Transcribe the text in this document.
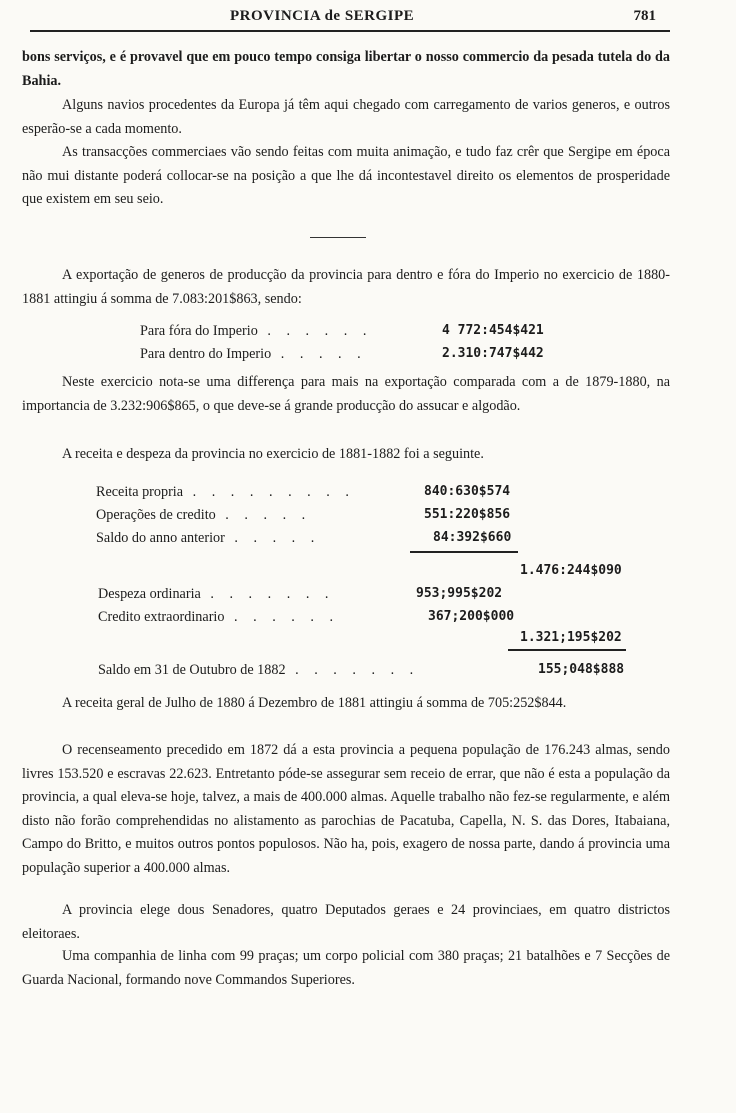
PROVINCIA de SERGIPE	781

bons serviços, e é provavel que em pouco tempo consiga libertar o nosso commercio da pesada tutela do da Bahia.

Alguns navios procedentes da Europa já têm aqui chegado com carregamento de varios generos, e outros esperão-se a cada momento.

As transacções commerciaes vão sendo feitas com muita animação, e tudo faz crêr que Sergipe em época não mui distante poderá collocar-se na posição a que lhe dá incontestavel direito os elementos de prosperidade que existem em seu seio.

A exportação de generos de producção da provincia para dentro e fóra do Imperio no exercicio de 1880-1881 attingiu á somma de 7.083:201$863, sendo:

Para fóra do Imperio . . . . . .	4 772:454$421
Para dentro do Imperio . . . . .	2.310:747$442

Neste exercicio nota-se uma differença para mais na exportação comparada com a de 1879-1880, na importancia de 3.232:906$865, o que deve-se á grande producção do assucar e algodão.

A receita e despeza da provincia no exercicio de 1881-1882 foi a seguinte.

Receita propria . . . . . . . . .	840:630$574
Operações de credito . . . . .	551:220$856
Saldo do anno anterior . . . . .	84:392$660
1.476:244$090
Despeza ordinaria . . . . . . .	953;995$202
Credito extraordinario . . . . . .	367;200$000
1.321;195$202
Saldo em 31 de Outubro de 1882 . . . . . . .	155;048$888

A receita geral de Julho de 1880 á Dezembro de 1881 attingiu á somma de 705:252$844.

O recenseamento precedido em 1872 dá a esta provincia a pequena população de 176.243 almas, sendo livres 153.520 e escravas 22.623. Entretanto póde-se assegurar sem receio de errar, que não é esta a população da provincia, a qual eleva-se hoje, talvez, a mais de 400.000 almas. Aquelle trabalho não fez-se regularmente, e além disto não forão comprehendidas no alistamento as parochias de Pacatuba, Capella, N. S. das Dores, Itabaiana, Campo do Britto, e muitos outros pontos populosos. Não ha, pois, exagero de nossa parte, dando á provincia uma população superior a 400.000 almas.

A provincia elege dous Senadores, quatro Deputados geraes e 24 provinciaes, em quatro districtos eleitoraes.

Uma companhia de linha com 99 praças; um corpo policial com 380 praças; 21 batalhões e 7 Secções de Guarda Nacional, formando nove Commandos Superiores.
